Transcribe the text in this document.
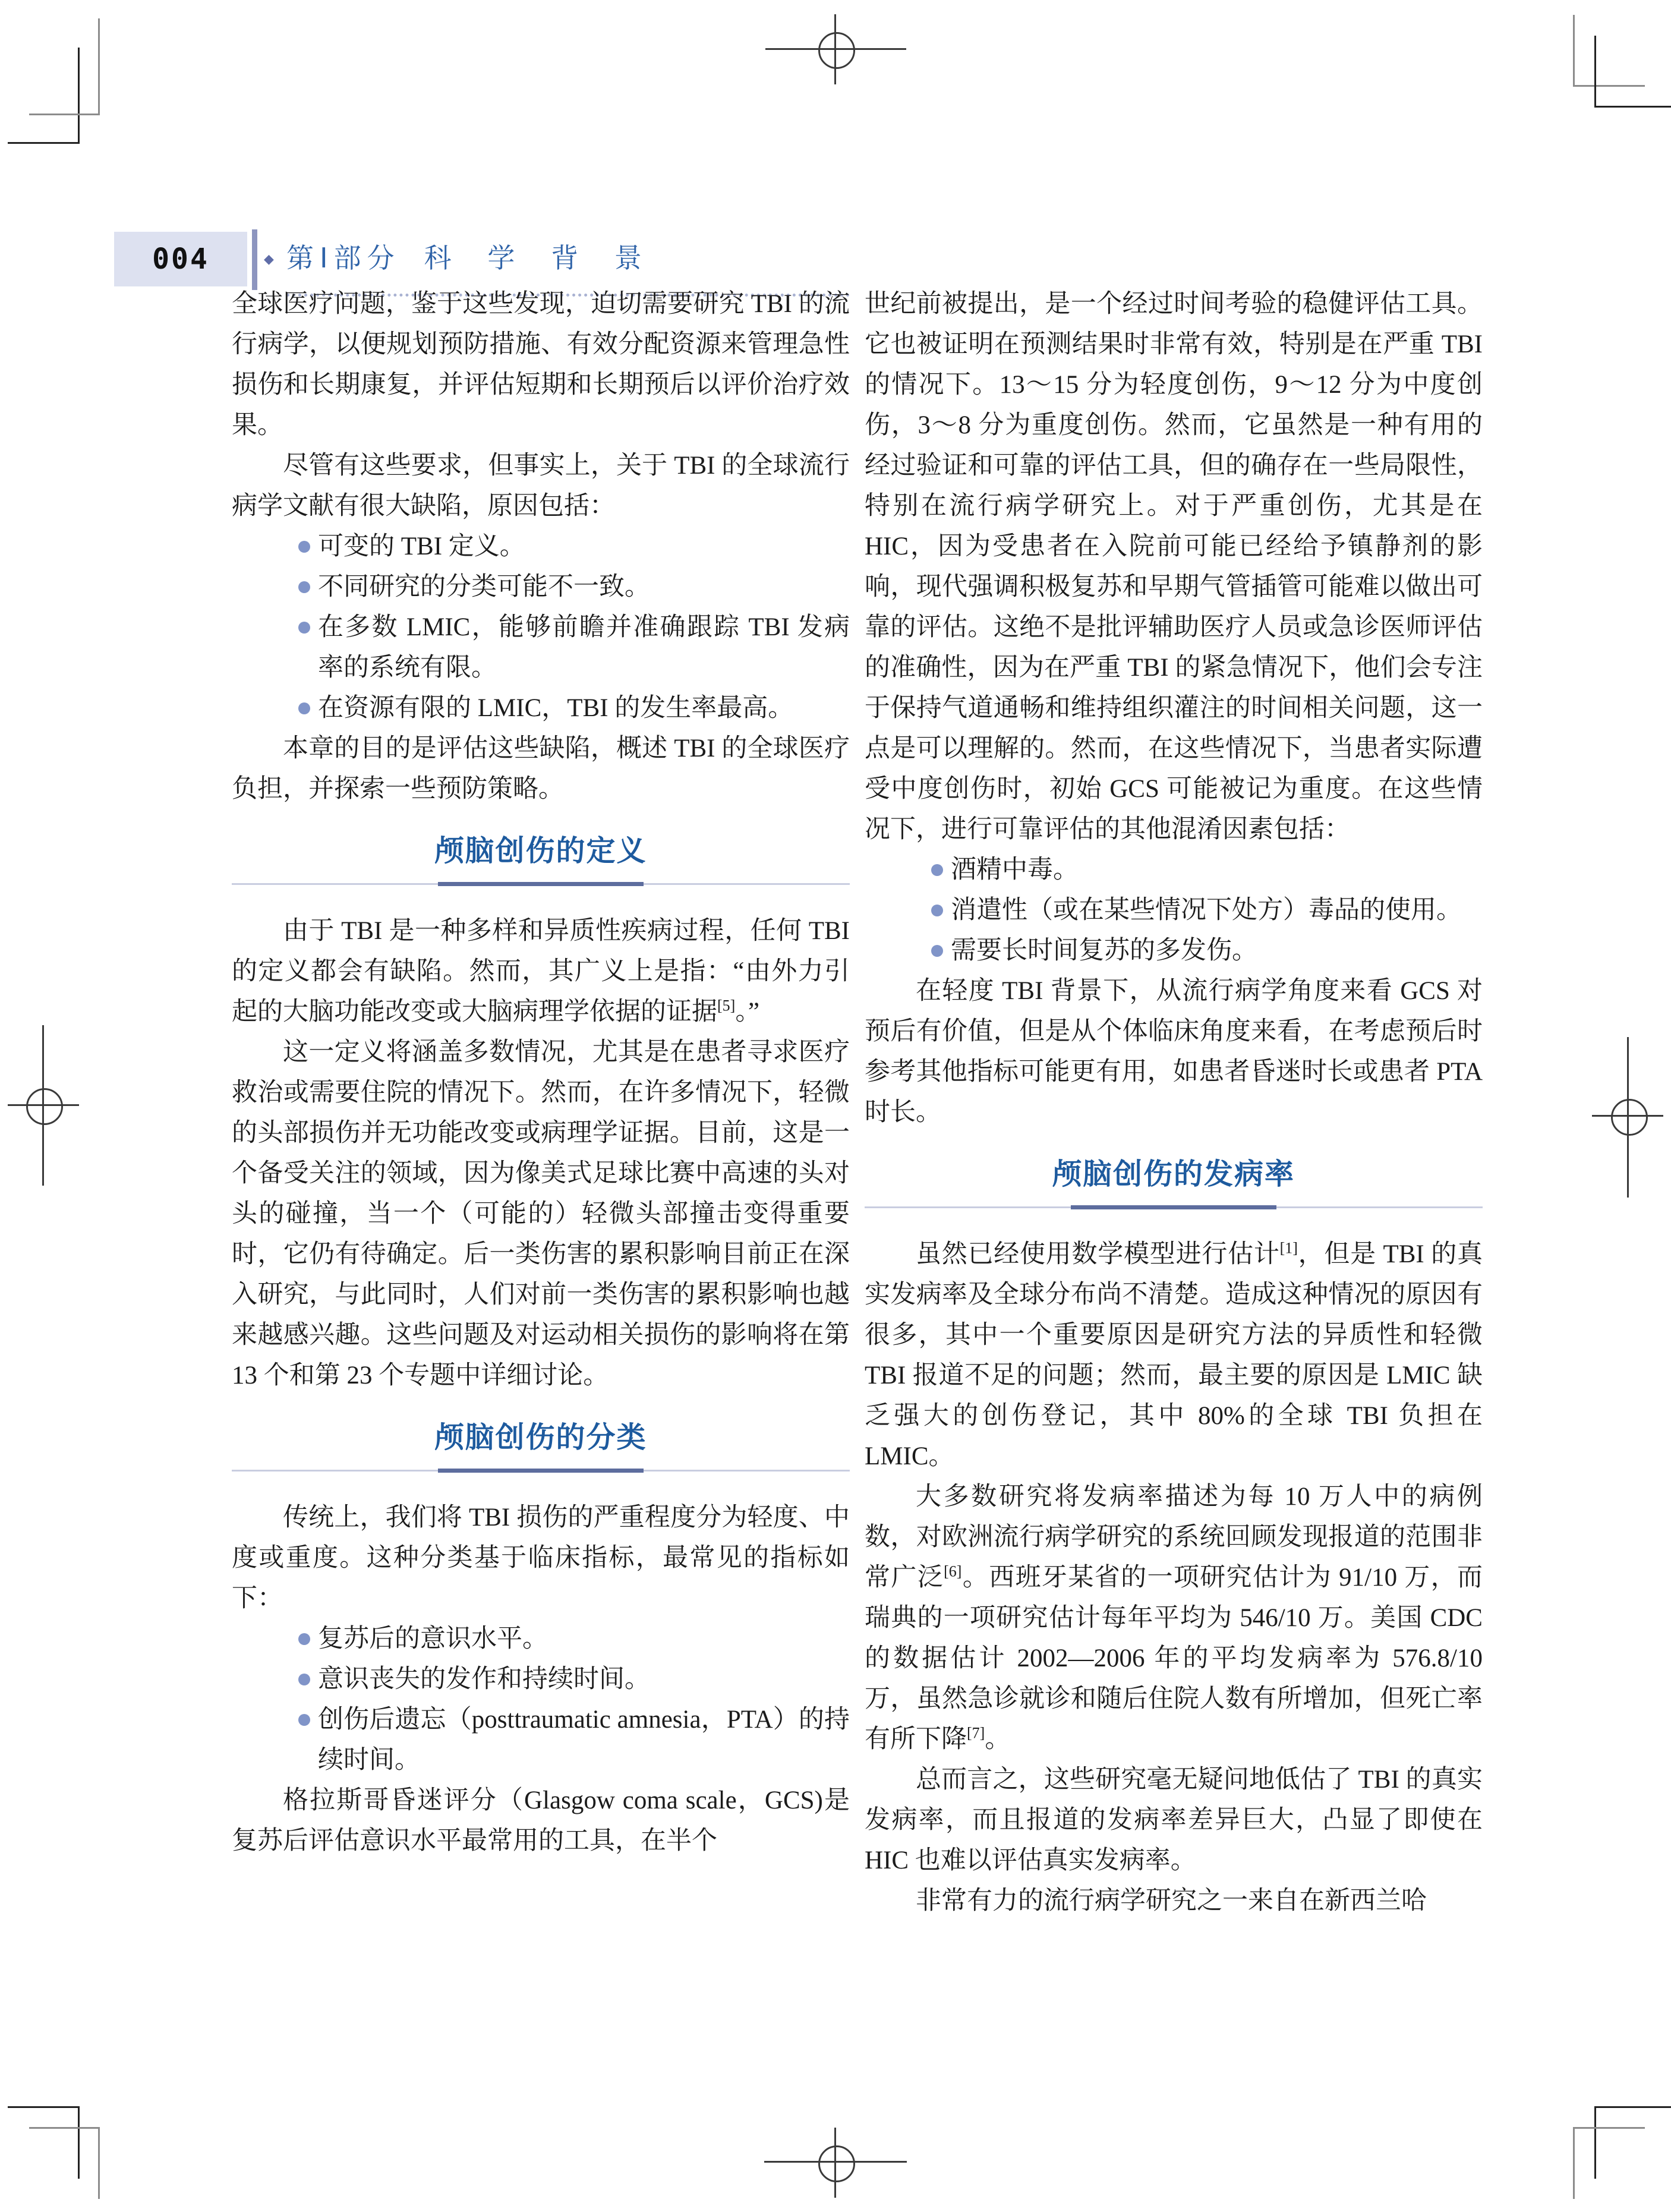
004	◆ 第Ⅰ部分 科 学 背 景

全球医疗问题，鉴于这些发现，迫切需要研究 TBI 的流行病学，以便规划预防措施、有效分配资源来管理急性损伤和长期康复，并评估短期和长期预后以评价治疗效果。

尽管有这些要求，但事实上，关于 TBI 的全球流行病学文献有很大缺陷，原因包括：

可变的 TBI 定义。
不同研究的分类可能不一致。
在多数 LMIC，能够前瞻并准确跟踪 TBI 发病率的系统有限。
在资源有限的 LMIC，TBI 的发生率最高。

本章的目的是评估这些缺陷，概述 TBI 的全球医疗负担，并探索一些预防策略。

颅脑创伤的定义

由于 TBI 是一种多样和异质性疾病过程，任何 TBI 的定义都会有缺陷。然而，其广义上是指：“由外力引起的大脑功能改变或大脑病理学依据的证据[5]。”

这一定义将涵盖多数情况，尤其是在患者寻求医疗救治或需要住院的情况下。然而，在许多情况下，轻微的头部损伤并无功能改变或病理学证据。目前，这是一个备受关注的领域，因为像美式足球比赛中高速的头对头的碰撞，当一个（可能的）轻微头部撞击变得重要时，它仍有待确定。后一类伤害的累积影响目前正在深入研究，与此同时，人们对前一类伤害的累积影响也越来越感兴趣。这些问题及对运动相关损伤的影响将在第 13 个和第 23 个专题中详细讨论。

颅脑创伤的分类

传统上，我们将 TBI 损伤的严重程度分为轻度、中度或重度。这种分类基于临床指标，最常见的指标如下：

复苏后的意识水平。
意识丧失的发作和持续时间。
创伤后遗忘（posttraumatic amnesia，PTA）的持续时间。

格拉斯哥昏迷评分（Glasgow coma scale，GCS)是复苏后评估意识水平最常用的工具，在半个

世纪前被提出，是一个经过时间考验的稳健评估工具。它也被证明在预测结果时非常有效，特别是在严重 TBI 的情况下。13～15 分为轻度创伤，9～12 分为中度创伤，3～8 分为重度创伤。然而，它虽然是一种有用的经过验证和可靠的评估工具，但的确存在一些局限性，特别在流行病学研究上。对于严重创伤，尤其是在 HIC，因为受患者在入院前可能已经给予镇静剂的影响，现代强调积极复苏和早期气管插管可能难以做出可靠的评估。这绝不是批评辅助医疗人员或急诊医师评估的准确性，因为在严重 TBI 的紧急情况下，他们会专注于保持气道通畅和维持组织灌注的时间相关问题，这一点是可以理解的。然而，在这些情况下，当患者实际遭受中度创伤时，初始 GCS 可能被记为重度。在这些情况下，进行可靠评估的其他混淆因素包括：

酒精中毒。
消遣性（或在某些情况下处方）毒品的使用。
需要长时间复苏的多发伤。

在轻度 TBI 背景下，从流行病学角度来看 GCS 对预后有价值，但是从个体临床角度来看，在考虑预后时参考其他指标可能更有用，如患者昏迷时长或患者 PTA 时长。

颅脑创伤的发病率

虽然已经使用数学模型进行估计[1]，但是 TBI 的真实发病率及全球分布尚不清楚。造成这种情况的原因有很多，其中一个重要原因是研究方法的异质性和轻微 TBI 报道不足的问题；然而，最主要的原因是 LMIC 缺乏强大的创伤登记，其中 80%的全球 TBI 负担在 LMIC。

大多数研究将发病率描述为每 10 万人中的病例数，对欧洲流行病学研究的系统回顾发现报道的范围非常广泛[6]。西班牙某省的一项研究估计为 91/10 万，而瑞典的一项研究估计每年平均为 546/10 万。美国 CDC 的数据估计 2002—2006 年的平均发病率为 576.8/10 万，虽然急诊就诊和随后住院人数有所增加，但死亡率有所下降[7]。

总而言之，这些研究毫无疑问地低估了 TBI 的真实发病率，而且报道的发病率差异巨大，凸显了即使在 HIC 也难以评估真实发病率。

非常有力的流行病学研究之一来自在新西兰哈
